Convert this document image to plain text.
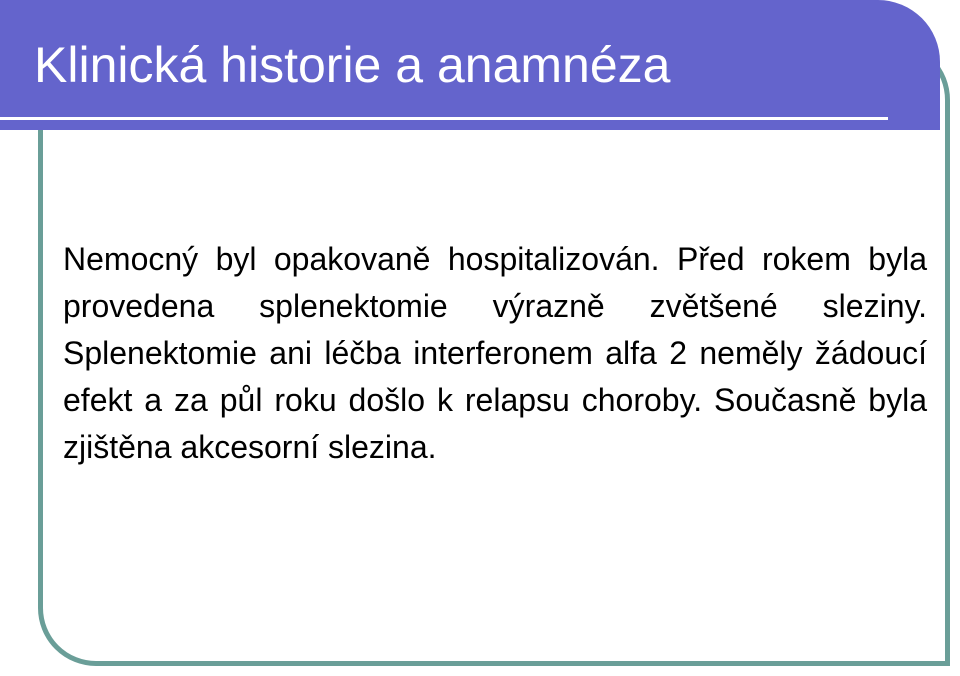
Klinická historie a anamnéza

Nemocný byl opakovaně hospitalizován. Před rokem byla provedena splenektomie výrazně zvětšené sleziny. Splenektomie ani léčba interferonem alfa 2 neměly žádoucí efekt a za půl roku došlo k relapsu choroby. Současně byla zjištěna akcesorní slezina.
